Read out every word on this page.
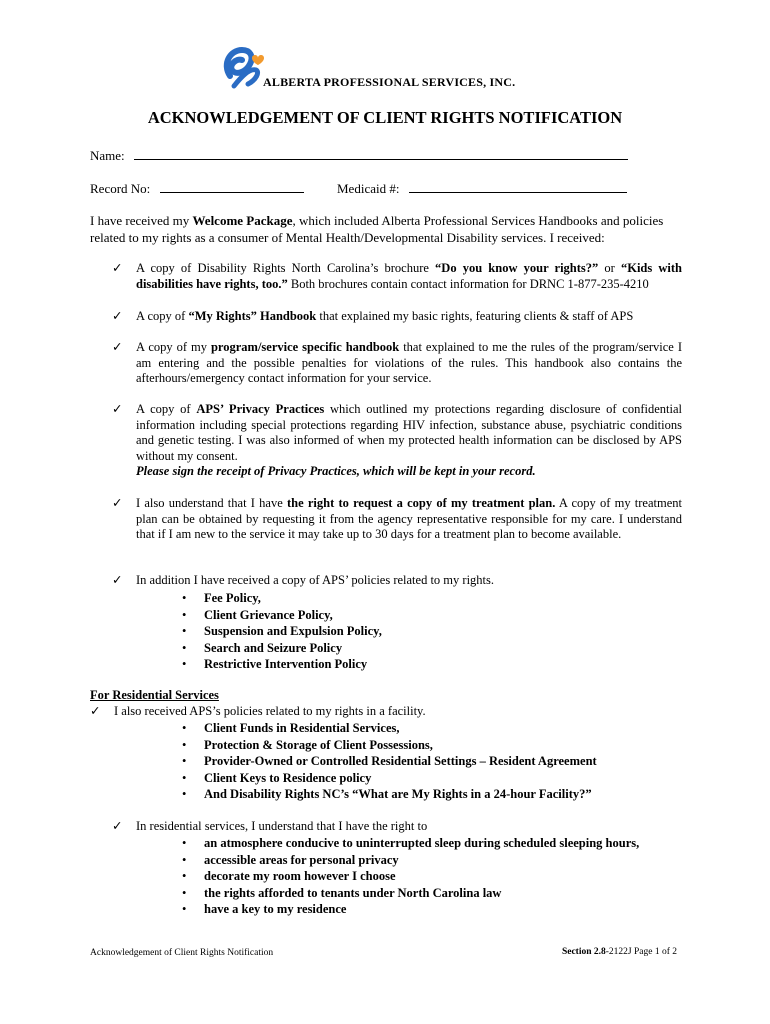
ALBERTA PROFESSIONAL SERVICES, INC.
ACKNOWLEDGEMENT OF CLIENT RIGHTS NOTIFICATION
Name:
Record No:	Medicaid #:
I have received my Welcome Package, which included Alberta Professional Services Handbooks and policies related to my rights as a consumer of Mental Health/Developmental Disability services. I received:
✓ A copy of Disability Rights North Carolina’s brochure “Do you know your rights?” or “Kids with disabilities have rights, too.” Both brochures contain contact information for DRNC 1-877-235-4210
✓ A copy of “My Rights” Handbook that explained my basic rights, featuring clients & staff of APS
✓ A copy of my program/service specific handbook that explained to me the rules of the program/service I am entering and the possible penalties for violations of the rules. This handbook also contains the afterhours/emergency contact information for your service.
✓ A copy of APS’ Privacy Practices which outlined my protections regarding disclosure of confidential information including special protections regarding HIV infection, substance abuse, psychiatric conditions and genetic testing. I was also informed of when my protected health information can be disclosed by APS without my consent.
Please sign the receipt of Privacy Practices, which will be kept in your record.
✓ I also understand that I have the right to request a copy of my treatment plan. A copy of my treatment plan can be obtained by requesting it from the agency representative responsible for my care. I understand that if I am new to the service it may take up to 30 days for a treatment plan to become available.
✓ In addition I have received a copy of APS’ policies related to my rights.
• Fee Policy,
• Client Grievance Policy,
• Suspension and Expulsion Policy,
• Search and Seizure Policy
• Restrictive Intervention Policy
For Residential Services
✓ I also received APS’s policies related to my rights in a facility.
• Client Funds in Residential Services,
• Protection & Storage of Client Possessions,
• Provider-Owned or Controlled Residential Settings – Resident Agreement
• Client Keys to Residence policy
• And Disability Rights NC’s “What are My Rights in a 24-hour Facility?”
✓ In residential services, I understand that I have the right to
• an atmosphere conducive to uninterrupted sleep during scheduled sleeping hours,
• accessible areas for personal privacy
• decorate my room however I choose
• the rights afforded to tenants under North Carolina law
• have a key to my residence
Acknowledgement of Client Rights Notification	Section 2.8-2122J Page 1 of 2
